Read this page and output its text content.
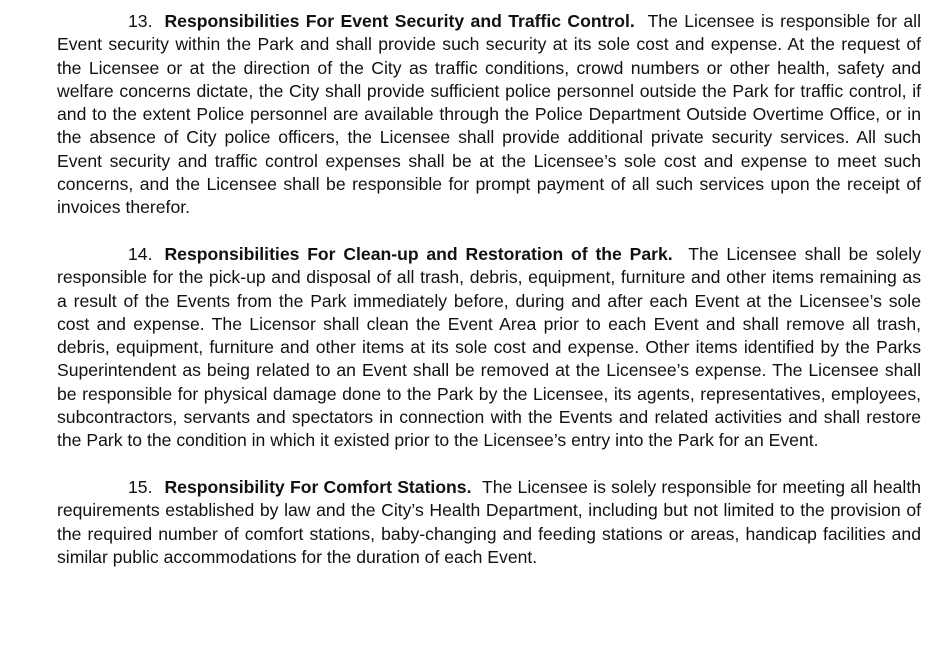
13. Responsibilities For Event Security and Traffic Control. The Licensee is responsible for all Event security within the Park and shall provide such security at its sole cost and expense. At the request of the Licensee or at the direction of the City as traffic conditions, crowd numbers or other health, safety and welfare concerns dictate, the City shall provide sufficient police personnel outside the Park for traffic control, if and to the extent Police personnel are available through the Police Department Outside Overtime Office, or in the absence of City police officers, the Licensee shall provide additional private security services. All such Event security and traffic control expenses shall be at the Licensee’s sole cost and expense to meet such concerns, and the Licensee shall be responsible for prompt payment of all such services upon the receipt of invoices therefor.

14. Responsibilities For Clean-up and Restoration of the Park. The Licensee shall be solely responsible for the pick-up and disposal of all trash, debris, equipment, furniture and other items remaining as a result of the Events from the Park immediately before, during and after each Event at the Licensee’s sole cost and expense. The Licensor shall clean the Event Area prior to each Event and shall remove all trash, debris, equipment, furniture and other items at its sole cost and expense. Other items identified by the Parks Superintendent as being related to an Event shall be removed at the Licensee’s expense. The Licensee shall be responsible for physical damage done to the Park by the Licensee, its agents, representatives, employees, subcontractors, servants and spectators in connection with the Events and related activities and shall restore the Park to the condition in which it existed prior to the Licensee’s entry into the Park for an Event.

15. Responsibility For Comfort Stations. The Licensee is solely responsible for meeting all health requirements established by law and the City’s Health Department, including but not limited to the provision of the required number of comfort stations, baby-changing and feeding stations or areas, handicap facilities and similar public accommodations for the duration of each Event.
